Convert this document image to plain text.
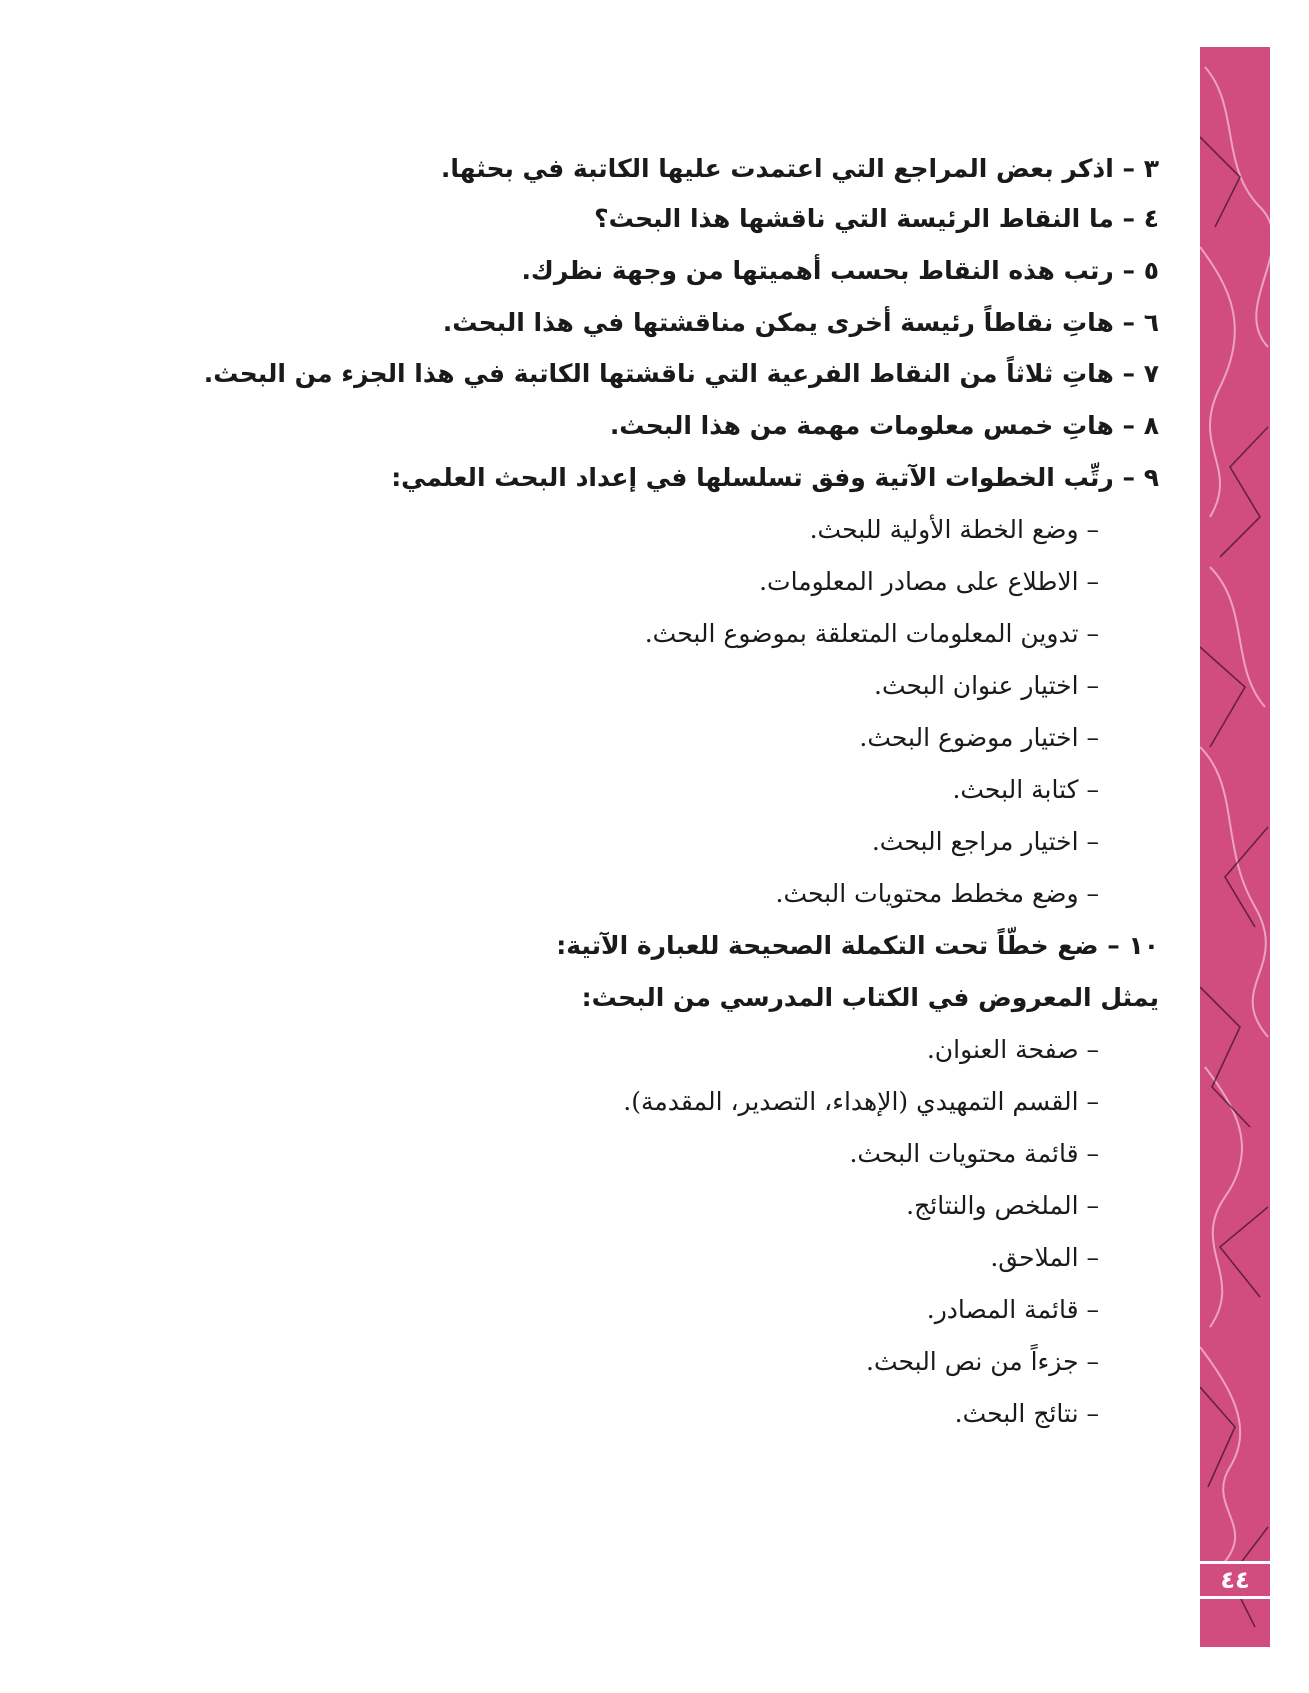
٤٤
٣ – اذكر بعض المراجع التي اعتمدت عليها الكاتبة في بحثها.
٤ – ما النقاط الرئيسة التي ناقشها هذا البحث؟
٥ – رتب هذه النقاط بحسب أهميتها من وجهة نظرك.
٦ – هاتِ نقاطاً رئيسة أخرى يمكن مناقشتها في هذا البحث.
٧ – هاتِ ثلاثاً من النقاط الفرعية التي ناقشتها الكاتبة في هذا الجزء من البحث.
٨ – هاتِ خمس معلومات مهمة من هذا البحث.
٩ – رتِّب الخطوات الآتية وفق تسلسلها في إعداد البحث العلمي:
– وضع الخطة الأولية للبحث.
– الاطلاع على مصادر المعلومات.
– تدوين المعلومات المتعلقة بموضوع البحث.
– اختيار عنوان البحث.
– اختيار موضوع البحث.
– كتابة البحث.
– اختيار مراجع البحث.
– وضع مخطط محتويات البحث.
١٠ – ضع خطّاً تحت التكملة الصحيحة للعبارة الآتية:
يمثل المعروض في الكتاب المدرسي من البحث:
– صفحة العنوان.
– القسم التمهيدي (الإهداء، التصدير، المقدمة).
– قائمة محتويات البحث.
– الملخص والنتائج.
– الملاحق.
– قائمة المصادر.
– جزءاً من نص البحث.
– نتائج البحث.
